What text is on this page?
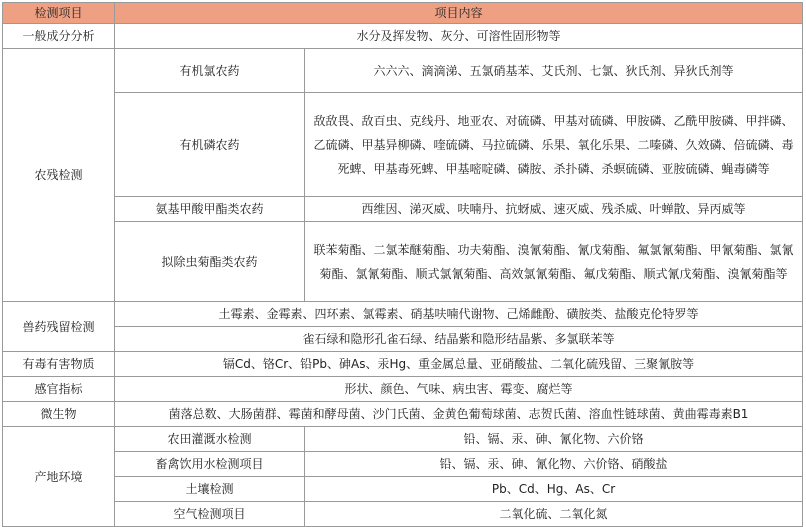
检测项目	项目内容	
一般成分分析	水分及挥发物、灰分、可溶性固形物等	
农残检测	有机氯农药	六六六、滴滴涕、五氯硝基苯、艾氏剂、七氯、狄氏剂、异狄氏剂等
	有机磷农药	敌敌畏、敌百虫、克线丹、地亚农、对硫磷、甲基对硫磷、甲胺磷、乙酰甲胺磷、甲拌磷、乙硫磷、甲基异柳磷、喹硫磷、马拉硫磷、乐果、氧化乐果、二嗪磷、久效磷、倍硫磷、毒死蜱、甲基毒死蜱、甲基嘧啶磷、磷胺、杀扑磷、杀螟硫磷、亚胺硫磷、蝇毒磷等
	氨基甲酸甲酯类农药	西维因、涕灭威、呋喃丹、抗蚜威、速灭威、残杀威、叶蝉散、异丙威等
	拟除虫菊酯类农药	联苯菊酯、二氯苯醚菊酯、功夫菊酯、溴氰菊酯、氰戊菊酯、氟氯氰菊酯、甲氰菊酯、氯氰菊酯、氯氰菊酯、顺式氯氰菊酯、高效氯氰菊酯、氟戊菊酯、顺式氰戊菊酯、溴氰菊酯等
兽药残留检测	土霉素、金霉素、四环素、氯霉素、硝基呋喃代谢物、己烯雌酚、磺胺类、盐酸克伦特罗等	
	雀石绿和隐形孔雀石绿、结晶紫和隐形结晶紫、多氯联苯等	
有毒有害物质	镉Cd、铬Cr、铅Pb、砷As、汞Hg、重金属总量、亚硝酸盐、二氧化硫残留、三聚氰胺等	
感官指标	形状、颜色、气味、病虫害、霉变、腐烂等	
微生物	菌落总数、大肠菌群、霉菌和酵母菌、沙门氏菌、金黄色葡萄球菌、志贺氏菌、溶血性链球菌、黄曲霉毒素B1	
产地环境	农田灌溉水检测	铅、镉、汞、砷、氰化物、六价铬
	畜禽饮用水检测项目	铅、镉、汞、砷、氰化物、六价铬、硝酸盐
	土壤检测	Pb、Cd、Hg、As、Cr
	空气检测项目	二氧化硫、二氧化氮
